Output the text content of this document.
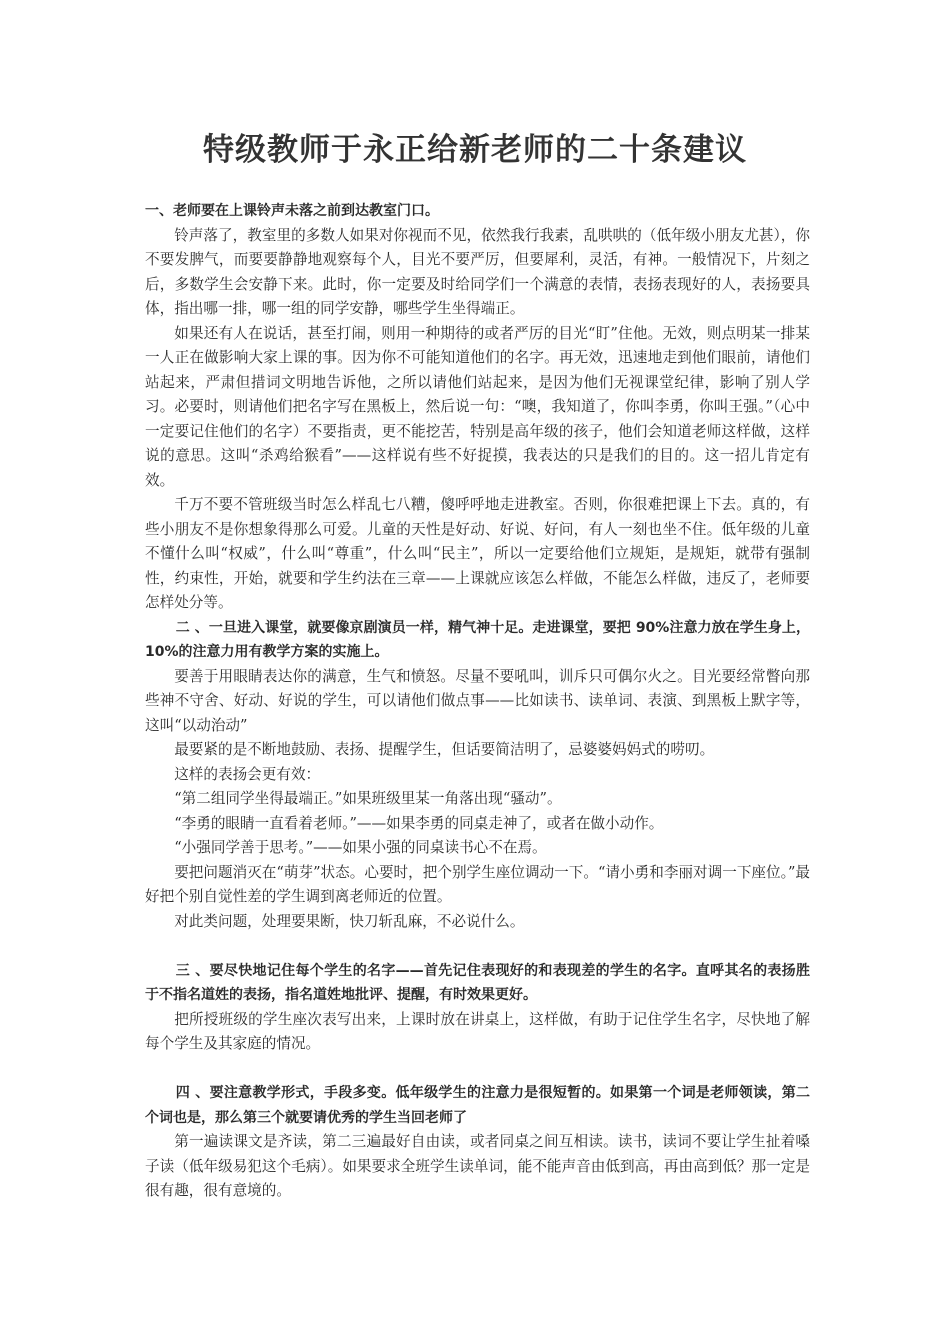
特级教师于永正给新老师的二十条建议

一、老师要在上课铃声未落之前到达教室门口。

铃声落了，教室里的多数人如果对你视而不见，依然我行我素，乱哄哄的（低年级小朋友尤甚），你不要发脾气，而要要静静地观察每个人，目光不要严厉，但要犀利，灵活，有神。一般情况下，片刻之后，多数学生会安静下来。此时，你一定要及时给同学们一个满意的表情，表扬表现好的人，表扬要具体，指出哪一排，哪一组的同学安静，哪些学生坐得端正。

如果还有人在说话，甚至打闹，则用一种期待的或者严厉的目光“盯”住他。无效，则点明某一排某一人正在做影响大家上课的事。因为你不可能知道他们的名字。再无效，迅速地走到他们眼前，请他们站起来，严肃但措词文明地告诉他，之所以请他们站起来，是因为他们无视课堂纪律，影响了别人学习。必要时，则请他们把名字写在黑板上，然后说一句：“噢，我知道了，你叫李勇，你叫王强。”（心中一定要记住他们的名字）不要指责，更不能挖苦，特别是高年级的孩子，他们会知道老师这样做，这样说的意思。这叫“杀鸡给猴看”——这样说有些不好捉摸，我表达的只是我们的目的。这一招儿肯定有效。

千万不要不管班级当时怎么样乱七八糟，傻呼呼地走进教室。否则，你很难把课上下去。真的，有些小朋友不是你想象得那么可爱。儿童的天性是好动、好说、好问，有人一刻也坐不住。低年级的儿童不懂什么叫“权威”，什么叫“尊重”，什么叫“民主”，所以一定要给他们立规矩，是规矩，就带有强制性，约束性，开始，就要和学生约法在三章——上课就应该怎么样做，不能怎么样做，违反了，老师要怎样处分等。

二 、一旦进入课堂，就要像京剧演员一样，精气神十足。走进课堂，要把 90%注意力放在学生身上，10%的注意力用有教学方案的实施上。

要善于用眼睛表达你的满意，生气和愤怒。尽量不要吼叫，训斥只可偶尔火之。目光要经常瞥向那些神不守舍、好动、好说的学生，可以请他们做点事——比如读书、读单词、表演、到黑板上默字等，这叫“以动治动”

最要紧的是不断地鼓励、表扬、提醒学生，但话要简洁明了，忌婆婆妈妈式的唠叨。

这样的表扬会更有效：

“第二组同学坐得最端正。”如果班级里某一角落出现“骚动”。

“李勇的眼睛一直看着老师。”——如果李勇的同桌走神了，或者在做小动作。

“小强同学善于思考。”——如果小强的同桌读书心不在焉。

要把问题消灭在“萌芽”状态。心要时，把个别学生座位调动一下。“请小勇和李丽对调一下座位。”最好把个别自觉性差的学生调到离老师近的位置。

对此类问题，处理要果断，快刀斩乱麻，不必说什么。

三 、要尽快地记住每个学生的名字——首先记住表现好的和表现差的学生的名字。直呼其名的表扬胜于不指名道姓的表扬，指名道姓地批评、提醒，有时效果更好。

把所授班级的学生座次表写出来，上课时放在讲桌上，这样做，有助于记住学生名字，尽快地了解每个学生及其家庭的情况。

四 、要注意教学形式，手段多变。低年级学生的注意力是很短暂的。如果第一个词是老师领读，第二个词也是，那么第三个就要请优秀的学生当回老师了

第一遍读课文是齐读，第二三遍最好自由读，或者同桌之间互相读。读书，读词不要让学生扯着嗓子读（低年级易犯这个毛病）。如果要求全班学生读单词，能不能声音由低到高，再由高到低？那一定是很有趣，很有意境的。
